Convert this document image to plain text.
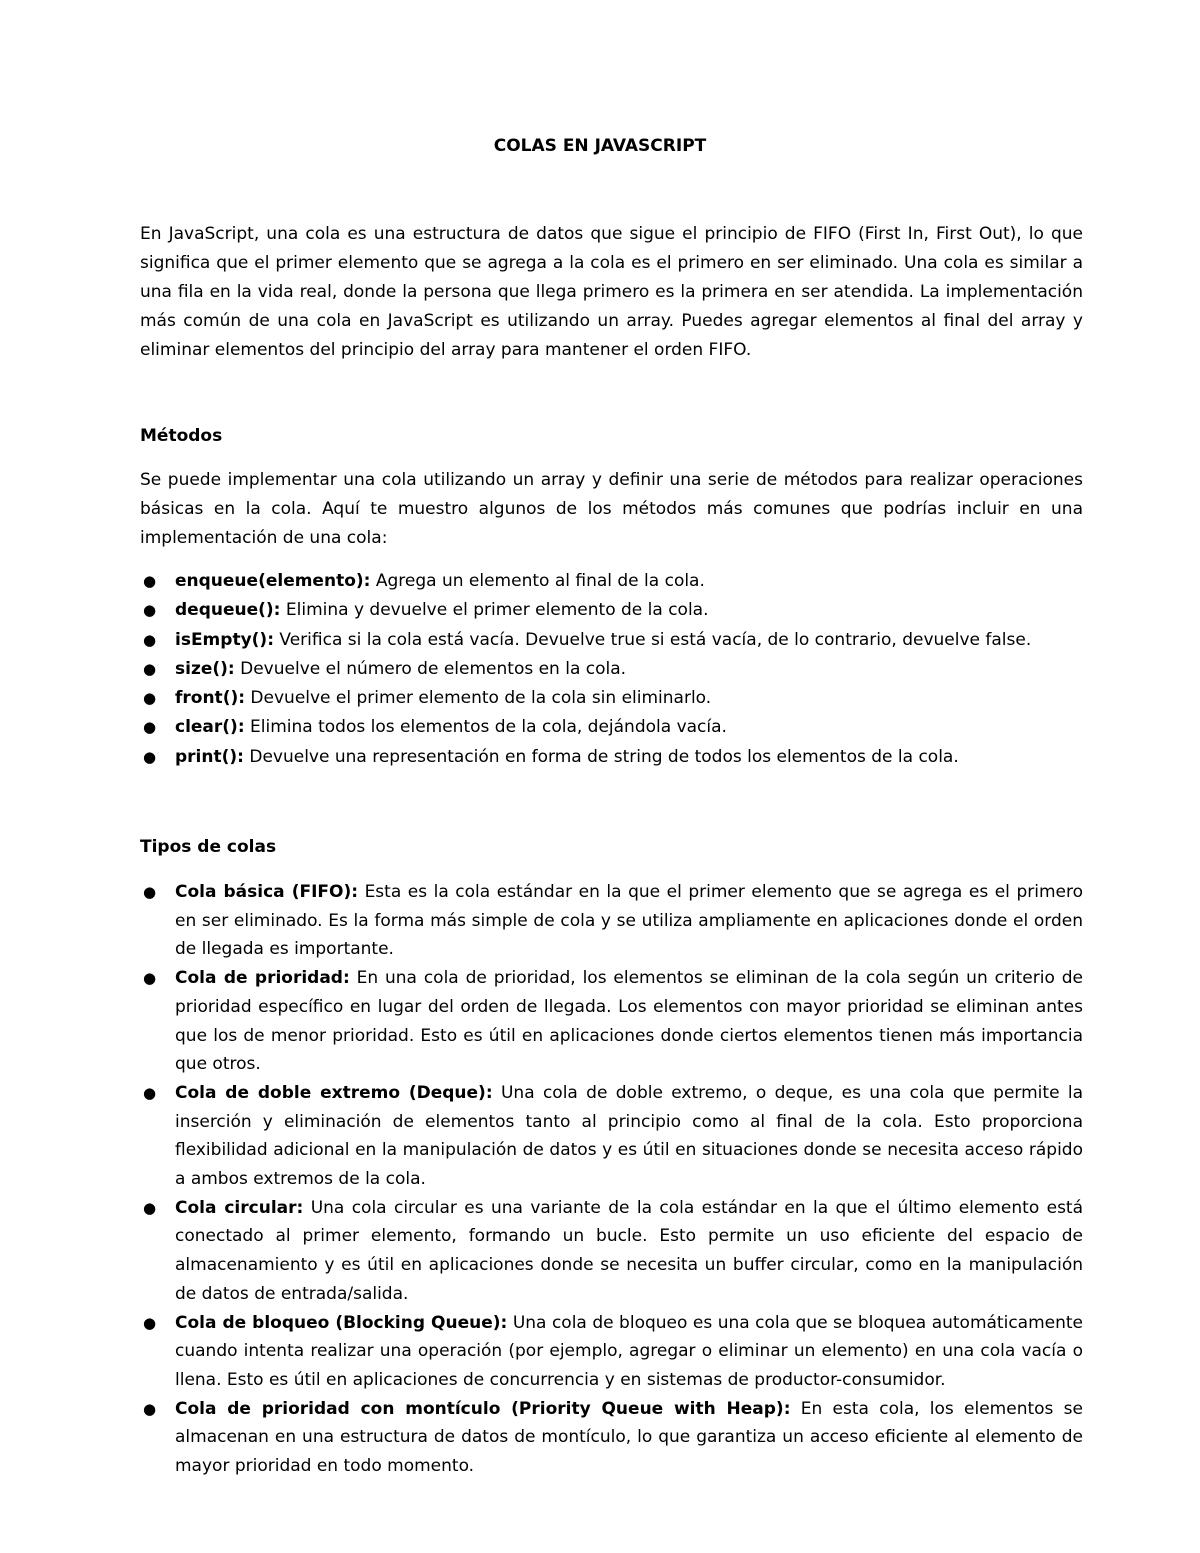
COLAS EN JAVASCRIPT
En JavaScript, una cola es una estructura de datos que sigue el principio de FIFO (First In, First Out), lo que significa que el primer elemento que se agrega a la cola es el primero en ser eliminado. Una cola es similar a una fila en la vida real, donde la persona que llega primero es la primera en ser atendida. La implementación más común de una cola en JavaScript es utilizando un array. Puedes agregar elementos al final del array y eliminar elementos del principio del array para mantener el orden FIFO.
Métodos
Se puede implementar una cola utilizando un array y definir una serie de métodos para realizar operaciones básicas en la cola. Aquí te muestro algunos de los métodos más comunes que podrías incluir en una implementación de una cola:
●	enqueue(elemento): Agrega un elemento al final de la cola.
●	dequeue(): Elimina y devuelve el primer elemento de la cola.
●	isEmpty(): Verifica si la cola está vacía. Devuelve true si está vacía, de lo contrario, devuelve false.
●	size(): Devuelve el número de elementos en la cola.
●	front(): Devuelve el primer elemento de la cola sin eliminarlo.
●	clear(): Elimina todos los elementos de la cola, dejándola vacía.
●	print(): Devuelve una representación en forma de string de todos los elementos de la cola.
Tipos de colas
●	Cola básica (FIFO): Esta es la cola estándar en la que el primer elemento que se agrega es el primero en ser eliminado. Es la forma más simple de cola y se utiliza ampliamente en aplicaciones donde el orden de llegada es importante.
●	Cola de prioridad: En una cola de prioridad, los elementos se eliminan de la cola según un criterio de prioridad específico en lugar del orden de llegada. Los elementos con mayor prioridad se eliminan antes que los de menor prioridad. Esto es útil en aplicaciones donde ciertos elementos tienen más importancia que otros.
●	Cola de doble extremo (Deque): Una cola de doble extremo, o deque, es una cola que permite la inserción y eliminación de elementos tanto al principio como al final de la cola. Esto proporciona flexibilidad adicional en la manipulación de datos y es útil en situaciones donde se necesita acceso rápido a ambos extremos de la cola.
●	Cola circular: Una cola circular es una variante de la cola estándar en la que el último elemento está conectado al primer elemento, formando un bucle. Esto permite un uso eficiente del espacio de almacenamiento y es útil en aplicaciones donde se necesita un buffer circular, como en la manipulación de datos de entrada/salida.
●	Cola de bloqueo (Blocking Queue): Una cola de bloqueo es una cola que se bloquea automáticamente cuando intenta realizar una operación (por ejemplo, agregar o eliminar un elemento) en una cola vacía o llena. Esto es útil en aplicaciones de concurrencia y en sistemas de productor-consumidor.
●	Cola de prioridad con montículo (Priority Queue with Heap): En esta cola, los elementos se almacenan en una estructura de datos de montículo, lo que garantiza un acceso eficiente al elemento de mayor prioridad en todo momento.
